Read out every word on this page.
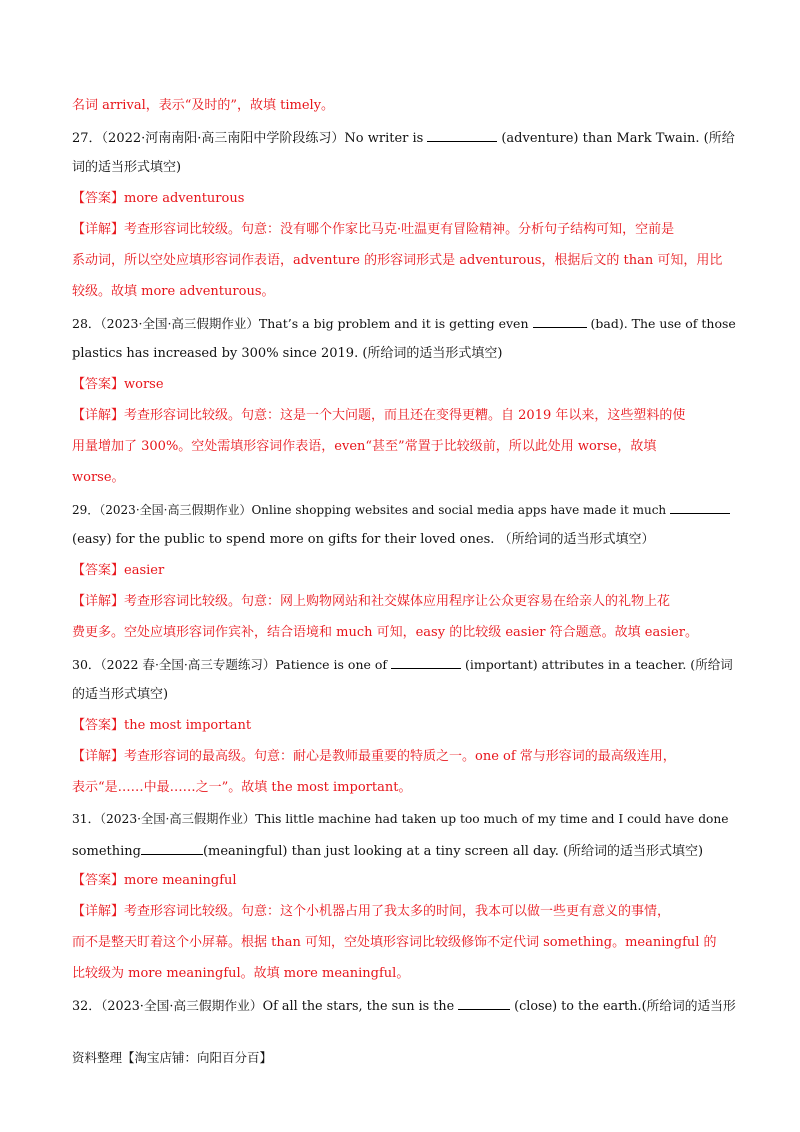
名词 arrival，表示“及时的”，故填 timely。
27．（2022·河南南阳·高三南阳中学阶段练习）No writer is	(adventure) than Mark Twain. (所给
词的适当形式填空)
【答案】more adventurous
【详解】考查形容词比较级。句意：没有哪个作家比马克·吐温更有冒险精神。分析句子结构可知，空前是
系动词，所以空处应填形容词作表语，adventure 的形容词形式是 adventurous，根据后文的 than 可知，用比
较级。故填 more adventurous。
28．（2023·全国·高三假期作业）That’s a big problem and it is getting even	(bad). The use of those
plastics has increased by 300% since 2019. (所给词的适当形式填空)
【答案】worse
【详解】考查形容词比较级。句意：这是一个大问题，而且还在变得更糟。自 2019 年以来，这些塑料的使
用量增加了 300%。空处需填形容词作表语，even“甚至”常置于比较级前，所以此处用 worse，故填
worse。
29．（2023·全国·高三假期作业）Online shopping websites and social media apps have made it much
(easy) for the public to spend more on gifts for their loved ones. （所给词的适当形式填空）
【答案】easier
【详解】考查形容词比较级。句意：网上购物网站和社交媒体应用程序让公众更容易在给亲人的礼物上花
费更多。空处应填形容词作宾补，结合语境和 much 可知，easy 的比较级 easier 符合题意。故填 easier。
30．（2022 春·全国·高三专题练习）Patience is one of	(important) attributes in a teacher. (所给词
的适当形式填空)
【答案】the most important
【详解】考查形容词的最高级。句意：耐心是教师最重要的特质之一。one of 常与形容词的最高级连用，
表示“是……中最……之一”。故填 the most important。
31．（2023·全国·高三假期作业）This little machine had taken up too much of my time and I could have done
something	(meaningful) than just looking at a tiny screen all day. (所给词的适当形式填空)
【答案】more meaningful
【详解】考查形容词比较级。句意：这个小机器占用了我太多的时间，我本可以做一些更有意义的事情，
而不是整天盯着这个小屏幕。根据 than 可知，空处填形容词比较级修饰不定代词 something。meaningful 的
比较级为 more meaningful。故填 more meaningful。
32．（2023·全国·高三假期作业）Of all the stars, the sun is the	(close) to the earth.(所给词的适当形
资料整理【淘宝店铺：向阳百分百】
